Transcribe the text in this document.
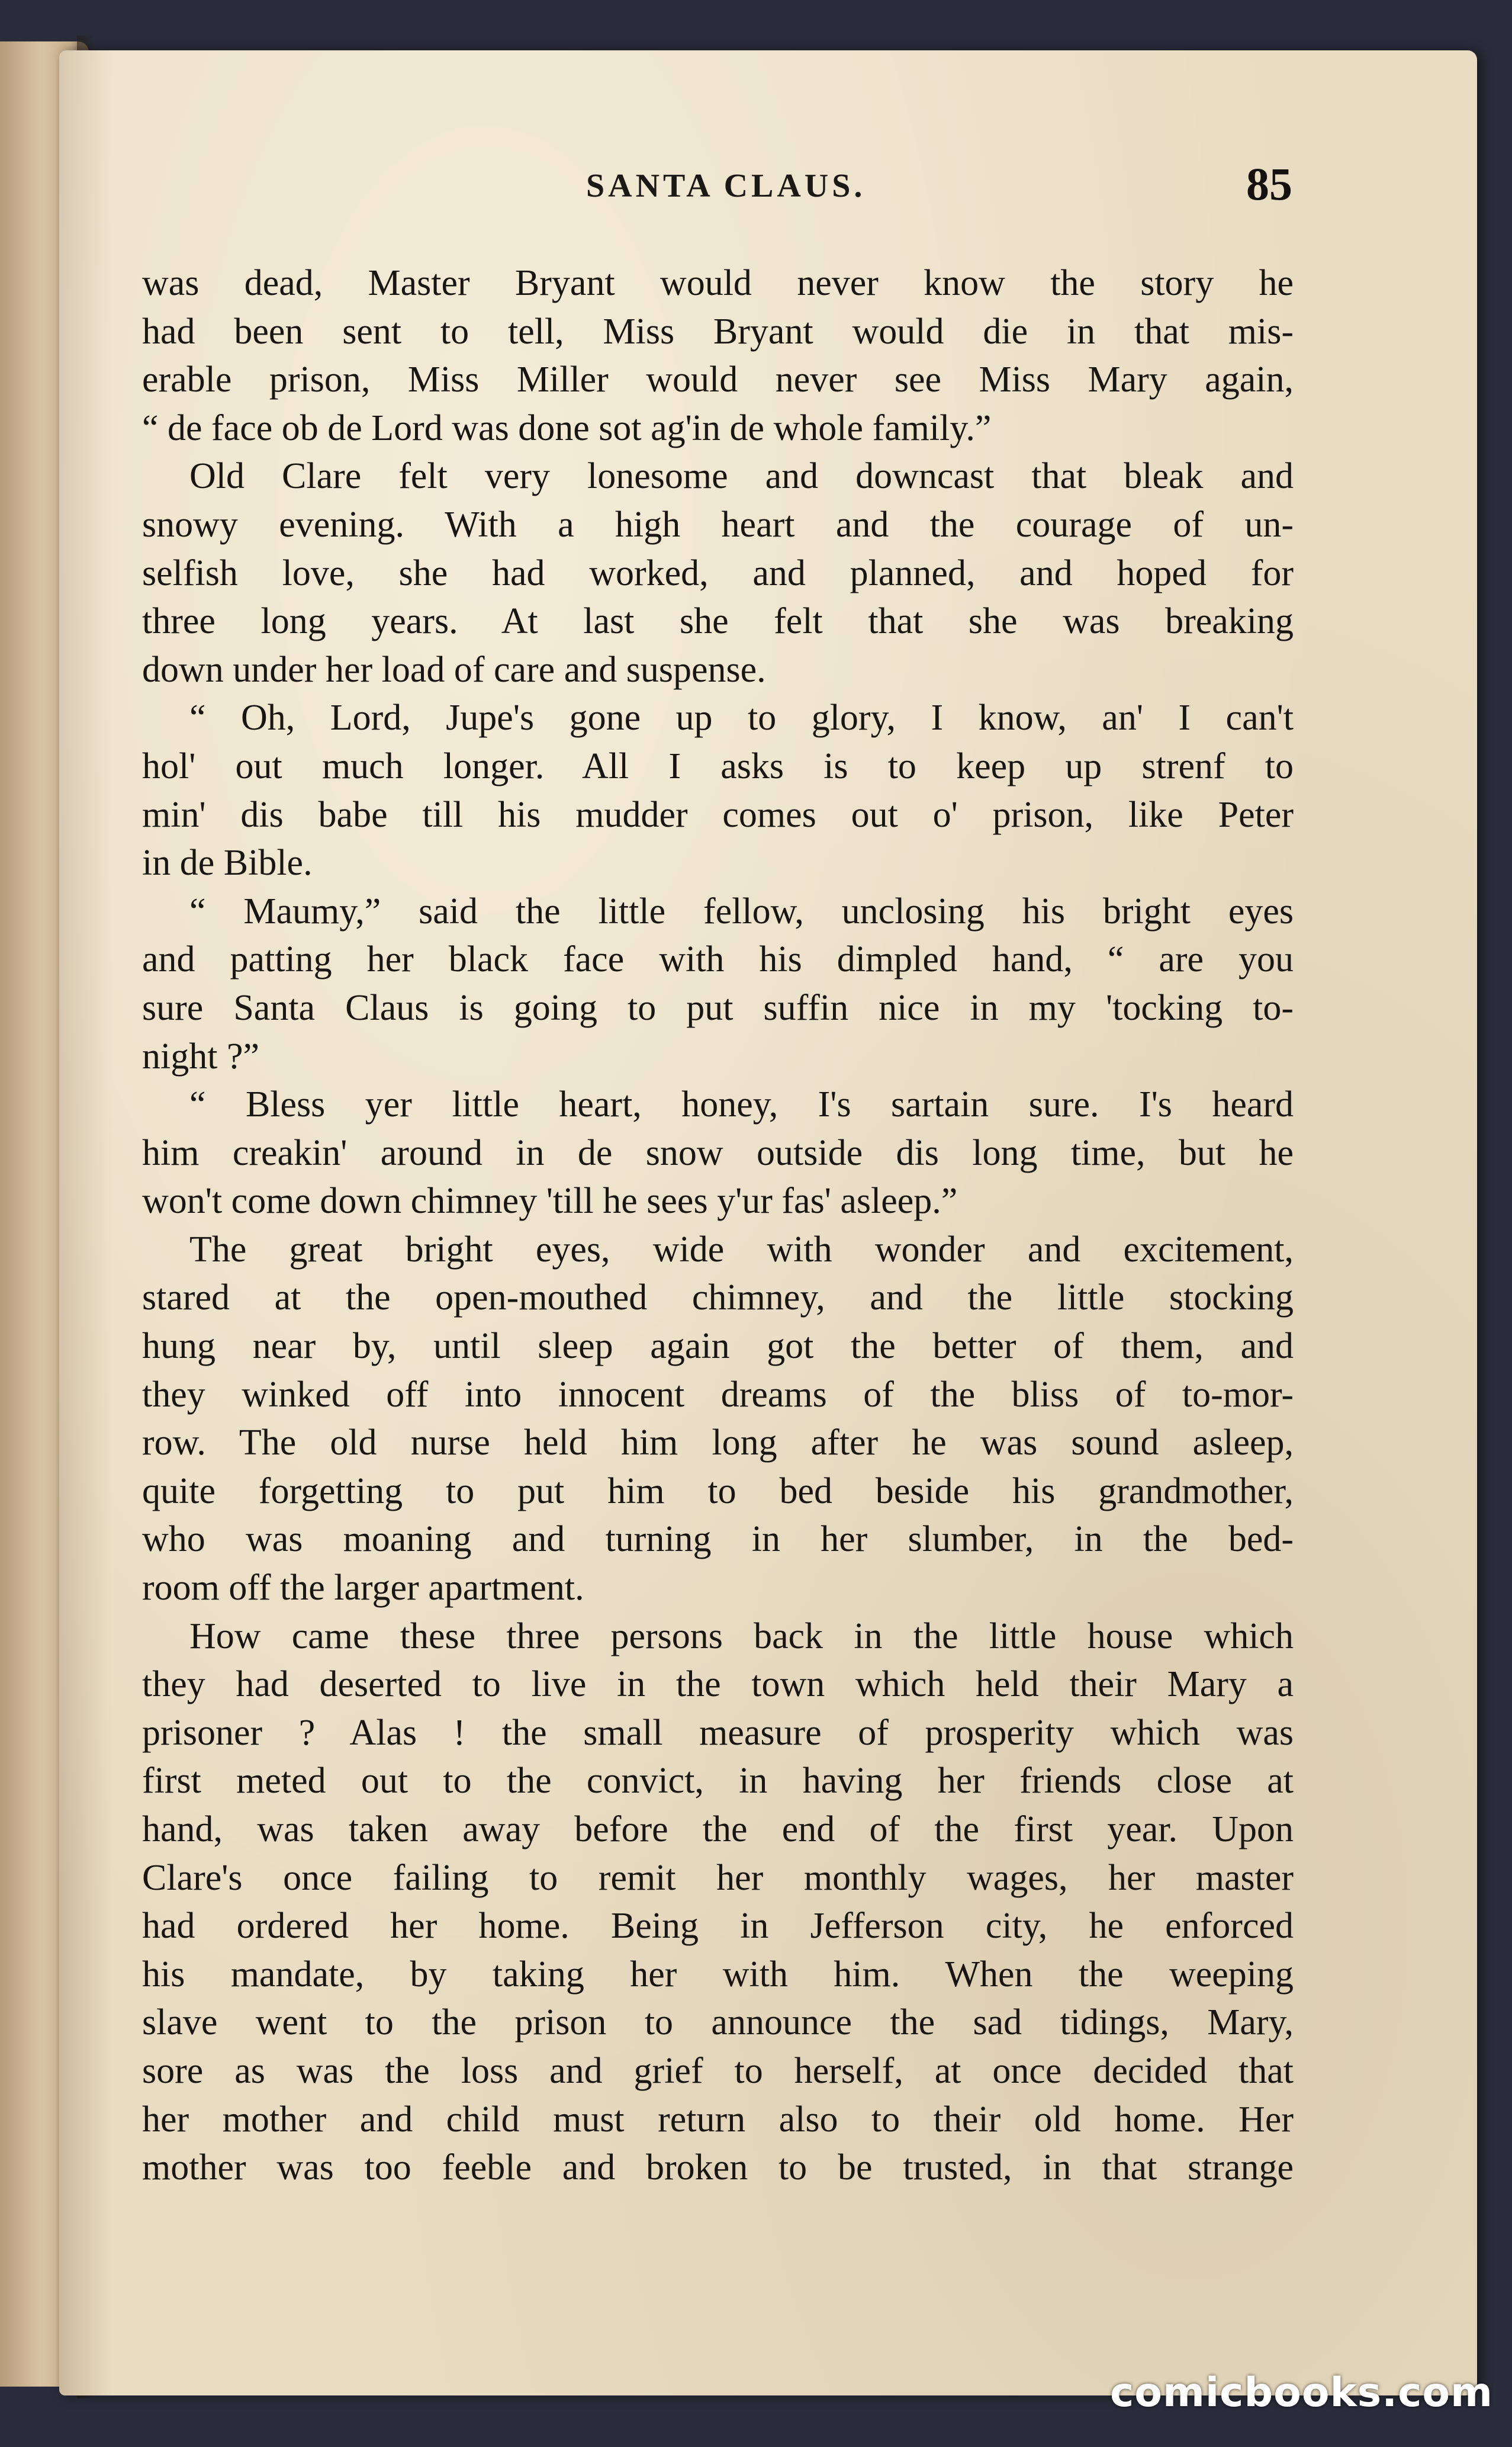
SANTA CLAUS.	85
was dead, Master Bryant would never know the story he
had been sent to tell, Miss Bryant would die in that mis-
erable prison, Miss Miller would never see Miss Mary again,
“ de face ob de Lord was done sot ag'in de whole family.”
Old Clare felt very lonesome and downcast that bleak and
snowy evening. With a high heart and the courage of un-
selfish love, she had worked, and planned, and hoped for
three long years. At last she felt that she was breaking
down under her load of care and suspense.
“ Oh, Lord, Jupe's gone up to glory, I know, an' I can't
hol' out much longer. All I asks is to keep up strenf to
min' dis babe till his mudder comes out o' prison, like Peter
in de Bible.
“ Maumy,” said the little fellow, unclosing his bright eyes
and patting her black face with his dimpled hand, “ are you
sure Santa Claus is going to put suffin nice in my 'tocking to-
night ?”
“ Bless yer little heart, honey, I's sartain sure. I's heard
him creakin' around in de snow outside dis long time, but he
won't come down chimney 'till he sees y'ur fas' asleep.”
The great bright eyes, wide with wonder and excitement,
stared at the open-mouthed chimney, and the little stocking
hung near by, until sleep again got the better of them, and
they winked off into innocent dreams of the bliss of to-mor-
row. The old nurse held him long after he was sound asleep,
quite forgetting to put him to bed beside his grandmother,
who was moaning and turning in her slumber, in the bed-
room off the larger apartment.
How came these three persons back in the little house which
they had deserted to live in the town which held their Mary a
prisoner ? Alas ! the small measure of prosperity which was
first meted out to the convict, in having her friends close at
hand, was taken away before the end of the first year. Upon
Clare's once failing to remit her monthly wages, her master
had ordered her home. Being in Jefferson city, he enforced
his mandate, by taking her with him. When the weeping
slave went to the prison to announce the sad tidings, Mary,
sore as was the loss and grief to herself, at once decided that
her mother and child must return also to their old home. Her
mother was too feeble and broken to be trusted, in that strange
comicbooks.com
